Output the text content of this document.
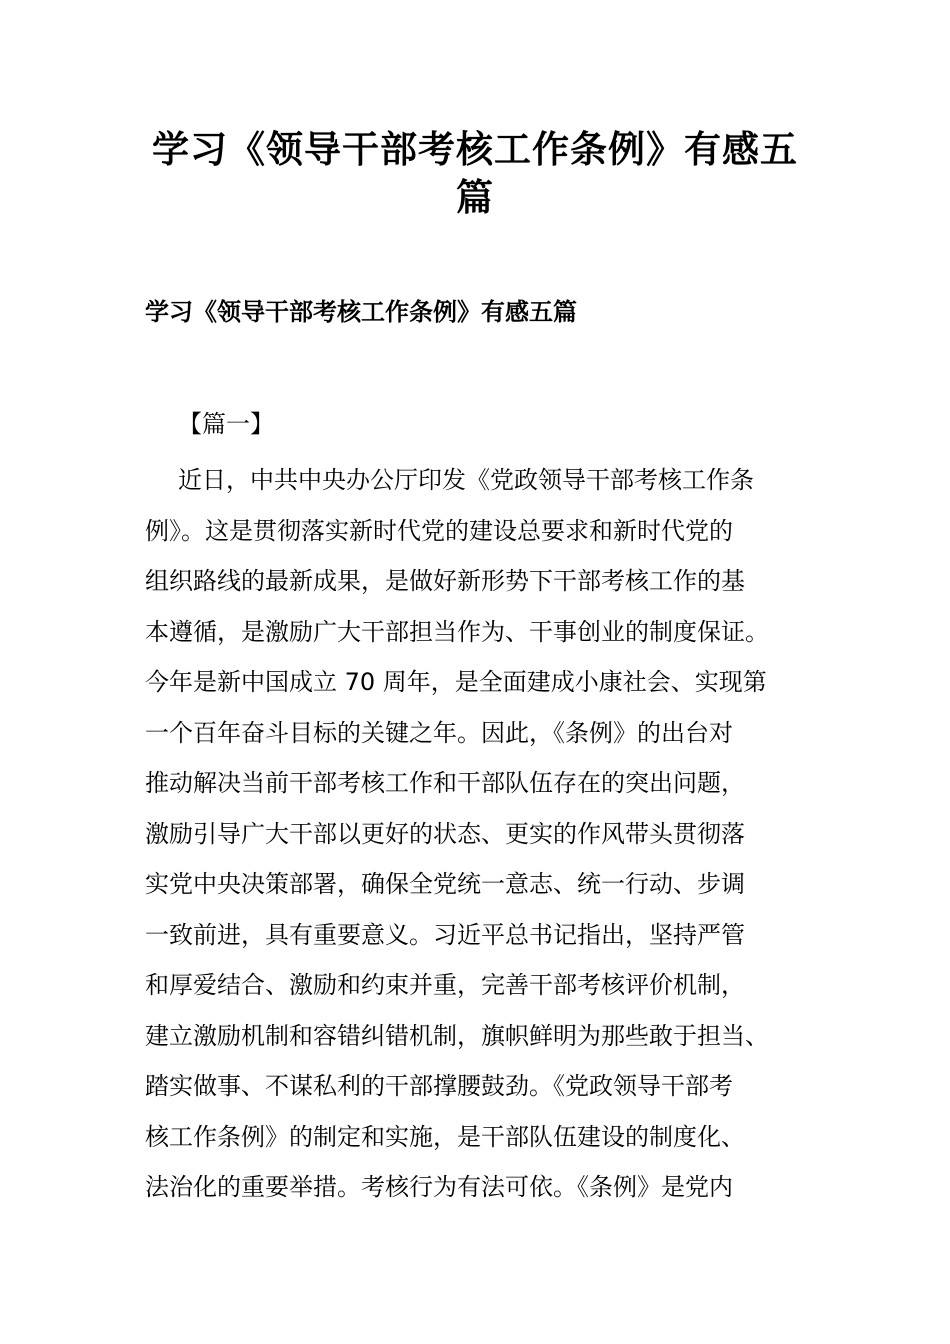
学习《领导干部考核工作条例》有感五
篇
学习《领导干部考核工作条例》有感五篇
【篇一】
近日，中共中央办公厅印发《党政领导干部考核工作条
例》。这是贯彻落实新时代党的建设总要求和新时代党的
组织路线的最新成果，是做好新形势下干部考核工作的基
本遵循，是激励广大干部担当作为、干事创业的制度保证。
今年是新中国成立 70 周年，是全面建成小康社会、实现第
一个百年奋斗目标的关键之年。因此，《条例》的出台对
推动解决当前干部考核工作和干部队伍存在的突出问题，
激励引导广大干部以更好的状态、更实的作风带头贯彻落
实党中央决策部署，确保全党统一意志、统一行动、步调
一致前进，具有重要意义。习近平总书记指出，坚持严管
和厚爱结合、激励和约束并重，完善干部考核评价机制，
建立激励机制和容错纠错机制，旗帜鲜明为那些敢于担当、
踏实做事、不谋私利的干部撑腰鼓劲。《党政领导干部考
核工作条例》的制定和实施，是干部队伍建设的制度化、
法治化的重要举措。考核行为有法可依。《条例》是党内
